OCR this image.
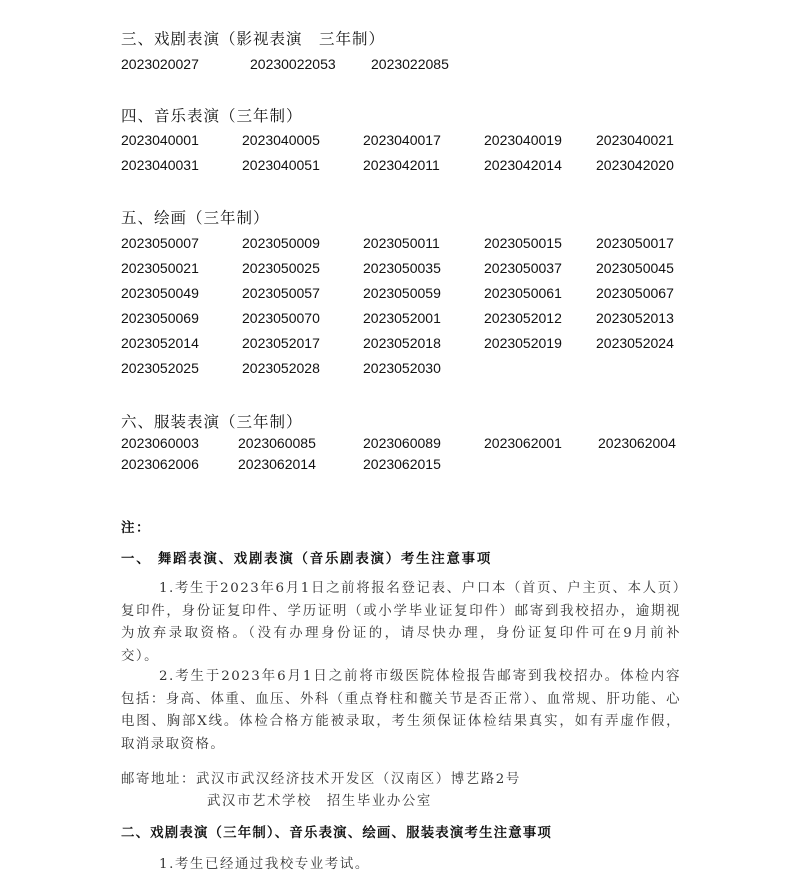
三、戏剧表演（影视表演　三年制）
2023020027	20230022053	2023022085
四、音乐表演（三年制）
2023040001	2023040005	2023040017	2023040019 2023040021
2023040031	2023040051	2023042011	2023042014 2023042020
五、绘画（三年制）
2023050007	2023050009	2023050011	2023050015 2023050017
2023050021	2023050025	2023050035	2023050037 2023050045
2023050049	2023050057	2023050059	2023050061 2023050067
2023050069	2023050070	2023052001	2023052012 2023052013
2023052014	2023052017	2023052018	2023052019 2023052024
2023052025	2023052028	2023052030
六、服装表演（三年制）
2023060003	2023060085	2023060089	2023062001	2023062004
2023062006	2023062014	2023062015
注：
一、 舞蹈表演、戏剧表演（音乐剧表演）考生注意事项
1.考生于2023年6月1日之前将报名登记表、户口本（首页、户主页、本人页）复印件，身份证复印件、学历证明（或小学毕业证复印件）邮寄到我校招办，逾期视为放弃录取资格。（没有办理身份证的，请尽快办理，身份证复印件可在9月前补交）。
2.考生于2023年6月1日之前将市级医院体检报告邮寄到我校招办。体检内容包括：身高、体重、血压、外科（重点脊柱和髋关节是否正常）、血常规、肝功能、心电图、胸部X线。体检合格方能被录取，考生须保证体检结果真实，如有弄虚作假，取消录取资格。
邮寄地址：武汉市武汉经济技术开发区（汉南区）博艺路2号
武汉市艺术学校　招生毕业办公室
二、戏剧表演（三年制）、音乐表演、绘画、服装表演考生注意事项
1.考生已经通过我校专业考试。
